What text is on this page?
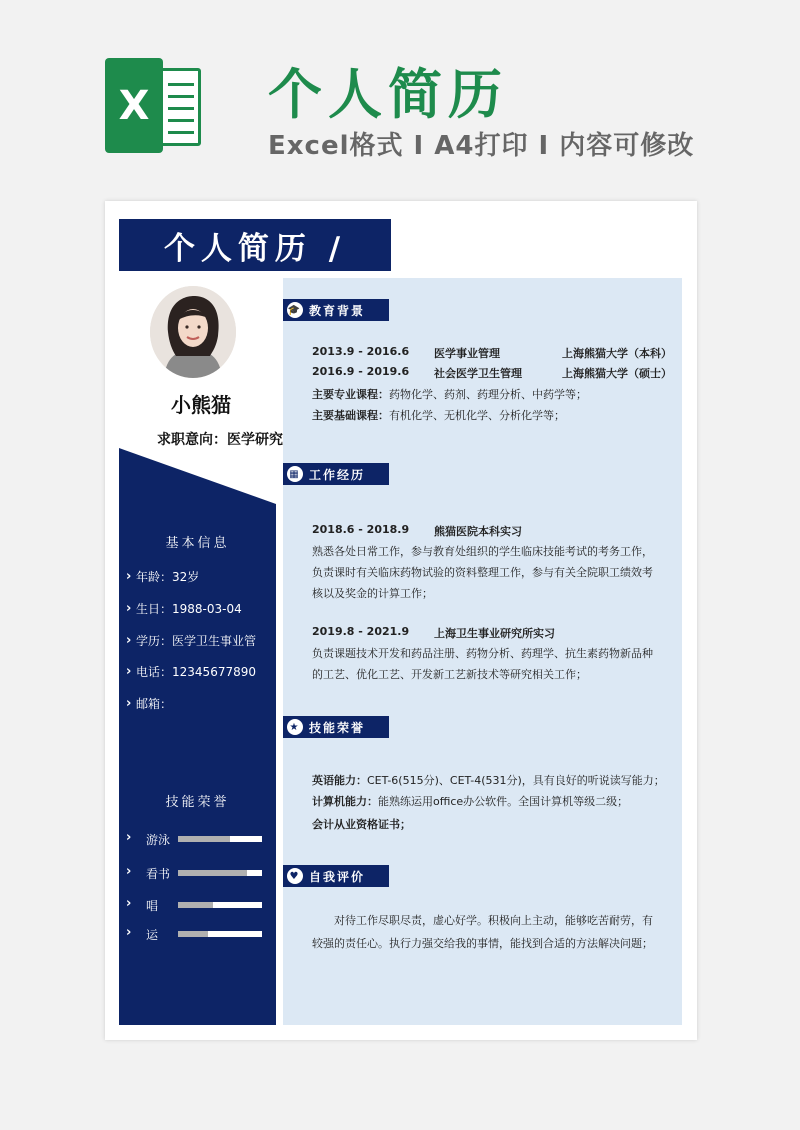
X 个人简历
Excel格式 I A4打印 I 内容可修改
个人简历 /
小熊猫
求职意向：医学研究
基本信息
› 年龄： 32岁
› 生日： 1988-03-04
› 学历： 医学卫生事业管
› 电话： 12345677890
› 邮箱：
技能荣誉
›	游泳
›	看书
›	唱
›	运
🎓 教育背景
2013.9 - 2016.6 医学事业管理	上海熊猫大学（本科）
2016.9 - 2019.6 社会医学卫生管理	上海熊猫大学（硕士）
主要专业课程：药物化学、药剂、药理分析、中药学等；
主要基础课程：有机化学、无机化学、分析化学等；
▦ 工作经历
2018.6 - 2018.9 熊猫医院本科实习
熟悉各处日常工作，参与教育处组织的学生临床技能考试的考务工作，
负责课时有关临床药物试验的资料整理工作，参与有关全院职工绩效考
核以及奖金的计算工作；
2019.8 - 2021.9 上海卫生事业研究所实习
负责课题技术开发和药品注册、药物分析、药理学、抗生素药物新品种
的工艺、优化工艺、开发新工艺新技术等研究相关工作；
★ 技能荣誉
英语能力：CET-6(515分)、CET-4(531分)，具有良好的听说读写能力；
计算机能力：能熟练运用office办公软件。全国计算机等级二级；
会计从业资格证书；
♥ 自我评价
对待工作尽职尽责，虚心好学。积极向上主动，能够吃苦耐劳，有较强的责任心。执行力强交给我的事情，能找到合适的方法解决问题；
